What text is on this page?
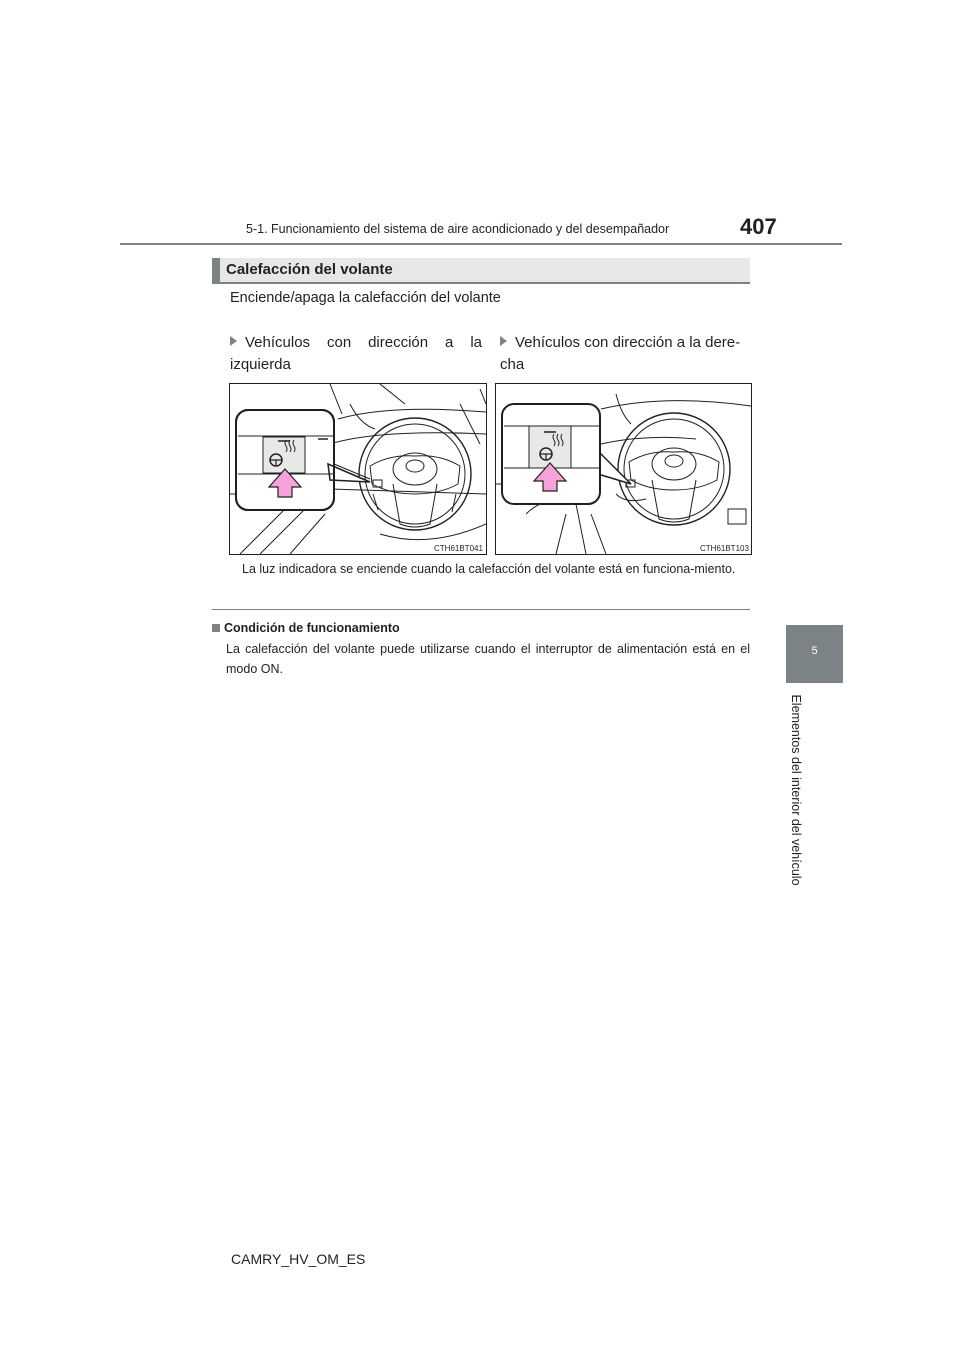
5-1. Funcionamiento del sistema de aire acondicionado y del desempañador	407
Calefacción del volante
Enciende/apaga la calefacción del volante
Vehículos con dirección a la izquierda
Vehículos con dirección a la dere-cha
CTH61BT041	CTH61BT103
La luz indicadora se enciende cuando la calefacción del volante está en funciona-miento.
Condición de funcionamiento
La calefacción del volante puede utilizarse cuando el interruptor de alimentación está en el modo ON.
5
Elementos del interior del vehículo
CAMRY_HV_OM_ES
